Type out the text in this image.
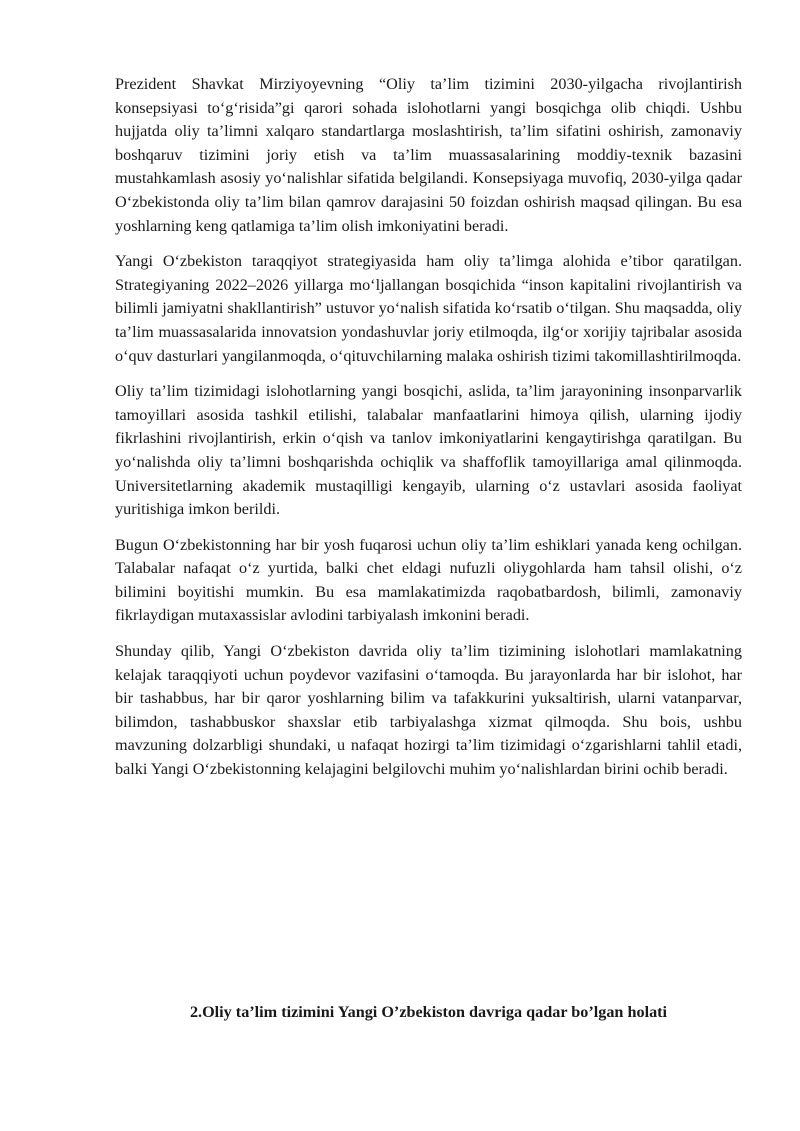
Prezident Shavkat Mirziyoyevning “Oliy ta’lim tizimini 2030-yilgacha rivojlantirish konsepsiyasi to‘g‘risida”gi qarori sohada islohotlarni yangi bosqichga olib chiqdi. Ushbu hujjatda oliy ta’limni xalqaro standartlarga moslashtirish, ta’lim sifatini oshirish, zamonaviy boshqaruv tizimini joriy etish va ta’lim muassasalarining moddiy-texnik bazasini mustahkamlash asosiy yo‘nalishlar sifatida belgilandi. Konsepsiyaga muvofiq, 2030-yilga qadar O‘zbekistonda oliy ta’lim bilan qamrov darajasini 50 foizdan oshirish maqsad qilingan. Bu esa yoshlarning keng qatlamiga ta’lim olish imkoniyatini beradi.

Yangi O‘zbekiston taraqqiyot strategiyasida ham oliy ta’limga alohida e’tibor qaratilgan. Strategiyaning 2022–2026 yillarga mo‘ljallangan bosqichida “inson kapitalini rivojlantirish va bilimli jamiyatni shakllantirish” ustuvor yo‘nalish sifatida ko‘rsatib o‘tilgan. Shu maqsadda, oliy ta’lim muassasalarida innovatsion yondashuvlar joriy etilmoqda, ilg‘or xorijiy tajribalar asosida o‘quv dasturlari yangilanmoqda, o‘qituvchilarning malaka oshirish tizimi takomillashtirilmoqda.

Oliy ta’lim tizimidagi islohotlarning yangi bosqichi, aslida, ta’lim jarayonining insonparvarlik tamoyillari asosida tashkil etilishi, talabalar manfaatlarini himoya qilish, ularning ijodiy fikrlashini rivojlantirish, erkin o‘qish va tanlov imkoniyatlarini kengaytirishga qaratilgan. Bu yo‘nalishda oliy ta’limni boshqarishda ochiqlik va shaffoflik tamoyillariga amal qilinmoqda. Universitetlarning akademik mustaqilligi kengayib, ularning o‘z ustavlari asosida faoliyat yuritishiga imkon berildi.

Bugun O‘zbekistonning har bir yosh fuqarosi uchun oliy ta’lim eshiklari yanada keng ochilgan. Talabalar nafaqat o‘z yurtida, balki chet eldagi nufuzli oliygohlarda ham tahsil olishi, o‘z bilimini boyitishi mumkin. Bu esa mamlakatimizda raqobatbardosh, bilimli, zamonaviy fikrlaydigan mutaxassislar avlodini tarbiyalash imkonini beradi.

Shunday qilib, Yangi O‘zbekiston davrida oliy ta’lim tizimining islohotlari mamlakatning kelajak taraqqiyoti uchun poydevor vazifasini o‘tamoqda. Bu jarayonlarda har bir islohot, har bir tashabbus, har bir qaror yoshlarning bilim va tafakkurini yuksaltirish, ularni vatanparvar, bilimdon, tashabbuskor shaxslar etib tarbiyalashga xizmat qilmoqda. Shu bois, ushbu mavzuning dolzarbligi shundaki, u nafaqat hozirgi ta’lim tizimidagi o‘zgarishlarni tahlil etadi, balki Yangi O‘zbekistonning kelajagini belgilovchi muhim yo‘nalishlardan birini ochib beradi.

2.Oliy ta’lim tizimini Yangi O’zbekiston davriga qadar bo’lgan holati
